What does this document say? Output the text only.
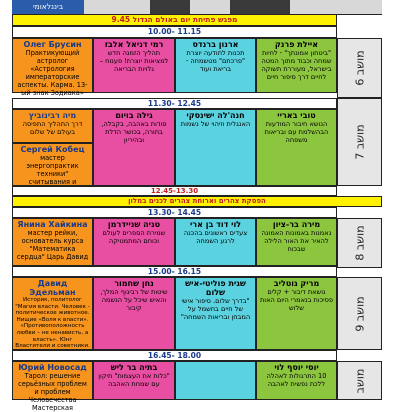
ביננלאומי
9.45 מפגש פתיחת יום באולם הגדול
10.00- 11.15
Олег Брусин
Практикующий астролог «Астрология императорские аспекты. Карма. 13-ый знак Зодиака»
רמי דניאל אלבז
תהליך הזמנה חדש למציאות יוצרת! פענוח – גלויות הבריאה
ארנון ברנדס
תכנות לתודעה יוצרת "פרכתם" מטשמחה - בריאת ועוד
איילת פרנק
"ביטחון אמונתך" - לחיות שמחה וכבוד מתוך המטה בישראל, מעוררת תשוקה לחיים דרך סיפור חיים
מושב 6
11.30- 12.45
מיה רבינוביץ
דרך התהליך התפיסה בעולם של שלום
Сергей Кобец
мастер энергопрактик техники" считывания и
גילה בויום
סודות באהבה, בקבלה, בתורה, בכושר הדלת ובהיריון
חנה'לה ישינסקי
האנגלית וזיהוי של נשמות
טובי באריי
הנושא חיבור המודעות הבהשלמת עם ובריאות משפחה
מושב 7
12.45-13.30
הפסקת צהרים וארוחת צהרים לכנים במלון
13.30- 14.45
Янина Хайкина
мастер рейки, основатель курса "Математика сердца" Царь Давид
טניה שניידרמן
שמירת הספרים לעולם וכוחם המתמטיקה
לוי דוד בן ארי
צעדים ראשונים בהכנה לרגע השמחה
מירה בר-ציון
נאמנות באמונות האמונה להאיר את האור הלילה שבכוח
מושב 8
15.00- 16.15
Давид Эдельман
Историк, политолог "Магия власти. Человек - политическое животное. Нищие «Воля к власти». «Противоположность любви – не ненависть, а власть». Юнг Властители и советники.
נחן שחמור
שיטות של רבינוף המלך, והאיש שיכל על הנשמה קיבור
שגית פוליטי-איש שלום
"בדרך שלום. סיפור אישי של חיים בחשמל על המבחן ובריאות השמחה"
מריק גוטליב
נושאת דיבור + קלים פסיכות בנאמרי היום האות שלוש
מושב 9
16.45- 18.00
Юрий Новосад
Тарол: решение серьёзных проблем и проблем Человечества Мастерская
בתיה בר ליש
"כלות את העצמות" תיקון עם שמחת האהבה
יוסי יוסף לוי
10 התרגולות לאהלה ללכת נפשית לאהבה	מושב
